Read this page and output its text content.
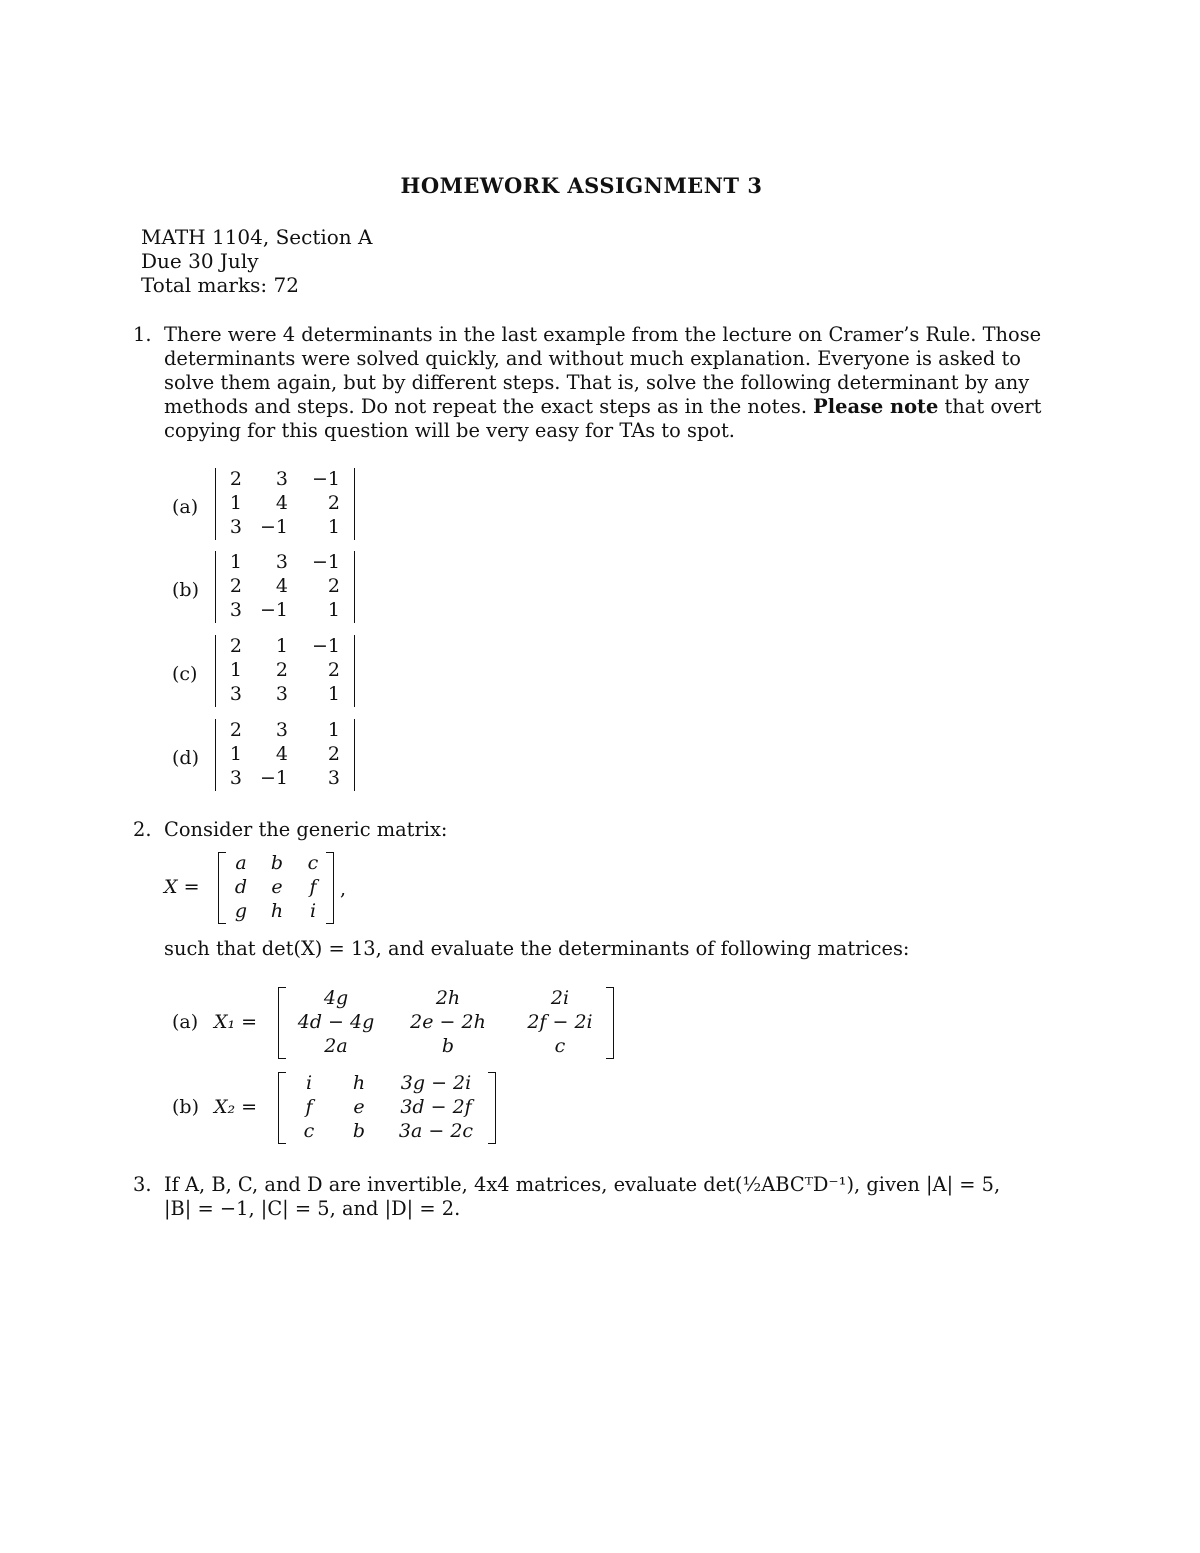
HOMEWORK ASSIGNMENT 3
MATH 1104, Section A
Due 30 July
Total marks: 72
1. There were 4 determinants in the last example from the lecture on Cramer’s Rule. Those

determinants were solved quickly, and without much explanation. Everyone is asked to

solve them again, but by different steps. That is, solve the following determinant by any

methods and steps. Do not repeat the exact steps as in the notes. Please note that overt

copying for this question will be very easy for TAs to spot.

(a)
2	3 −1
1	4	2
3 −1	1
(b)
1	3 −1
2	4	2
3 −1	1
(c)
2	1 −1
1	2	2
3	3	1
(d)
2	3	1
1	4	2
3 −1	3
2. Consider the generic matrix:
X =
a	b	c
d	e	f
g	h	i
,
such that det(X) = 13, and evaluate the determinants of following matrices:
(a) X₁ =
4g	2h	2i
4d − 4g	2e − 2h	2f − 2i
2a	b	c
(b) X₂ =
i	h	3g − 2i
f	e	3d − 2f
c	b	3a − 2c
3. If A, B, C, and D are invertible, 4x4 matrices, evaluate det(½ABCᵀD⁻¹), given |A| = 5,

|B| = −1, |C| = 5, and |D| = 2.
